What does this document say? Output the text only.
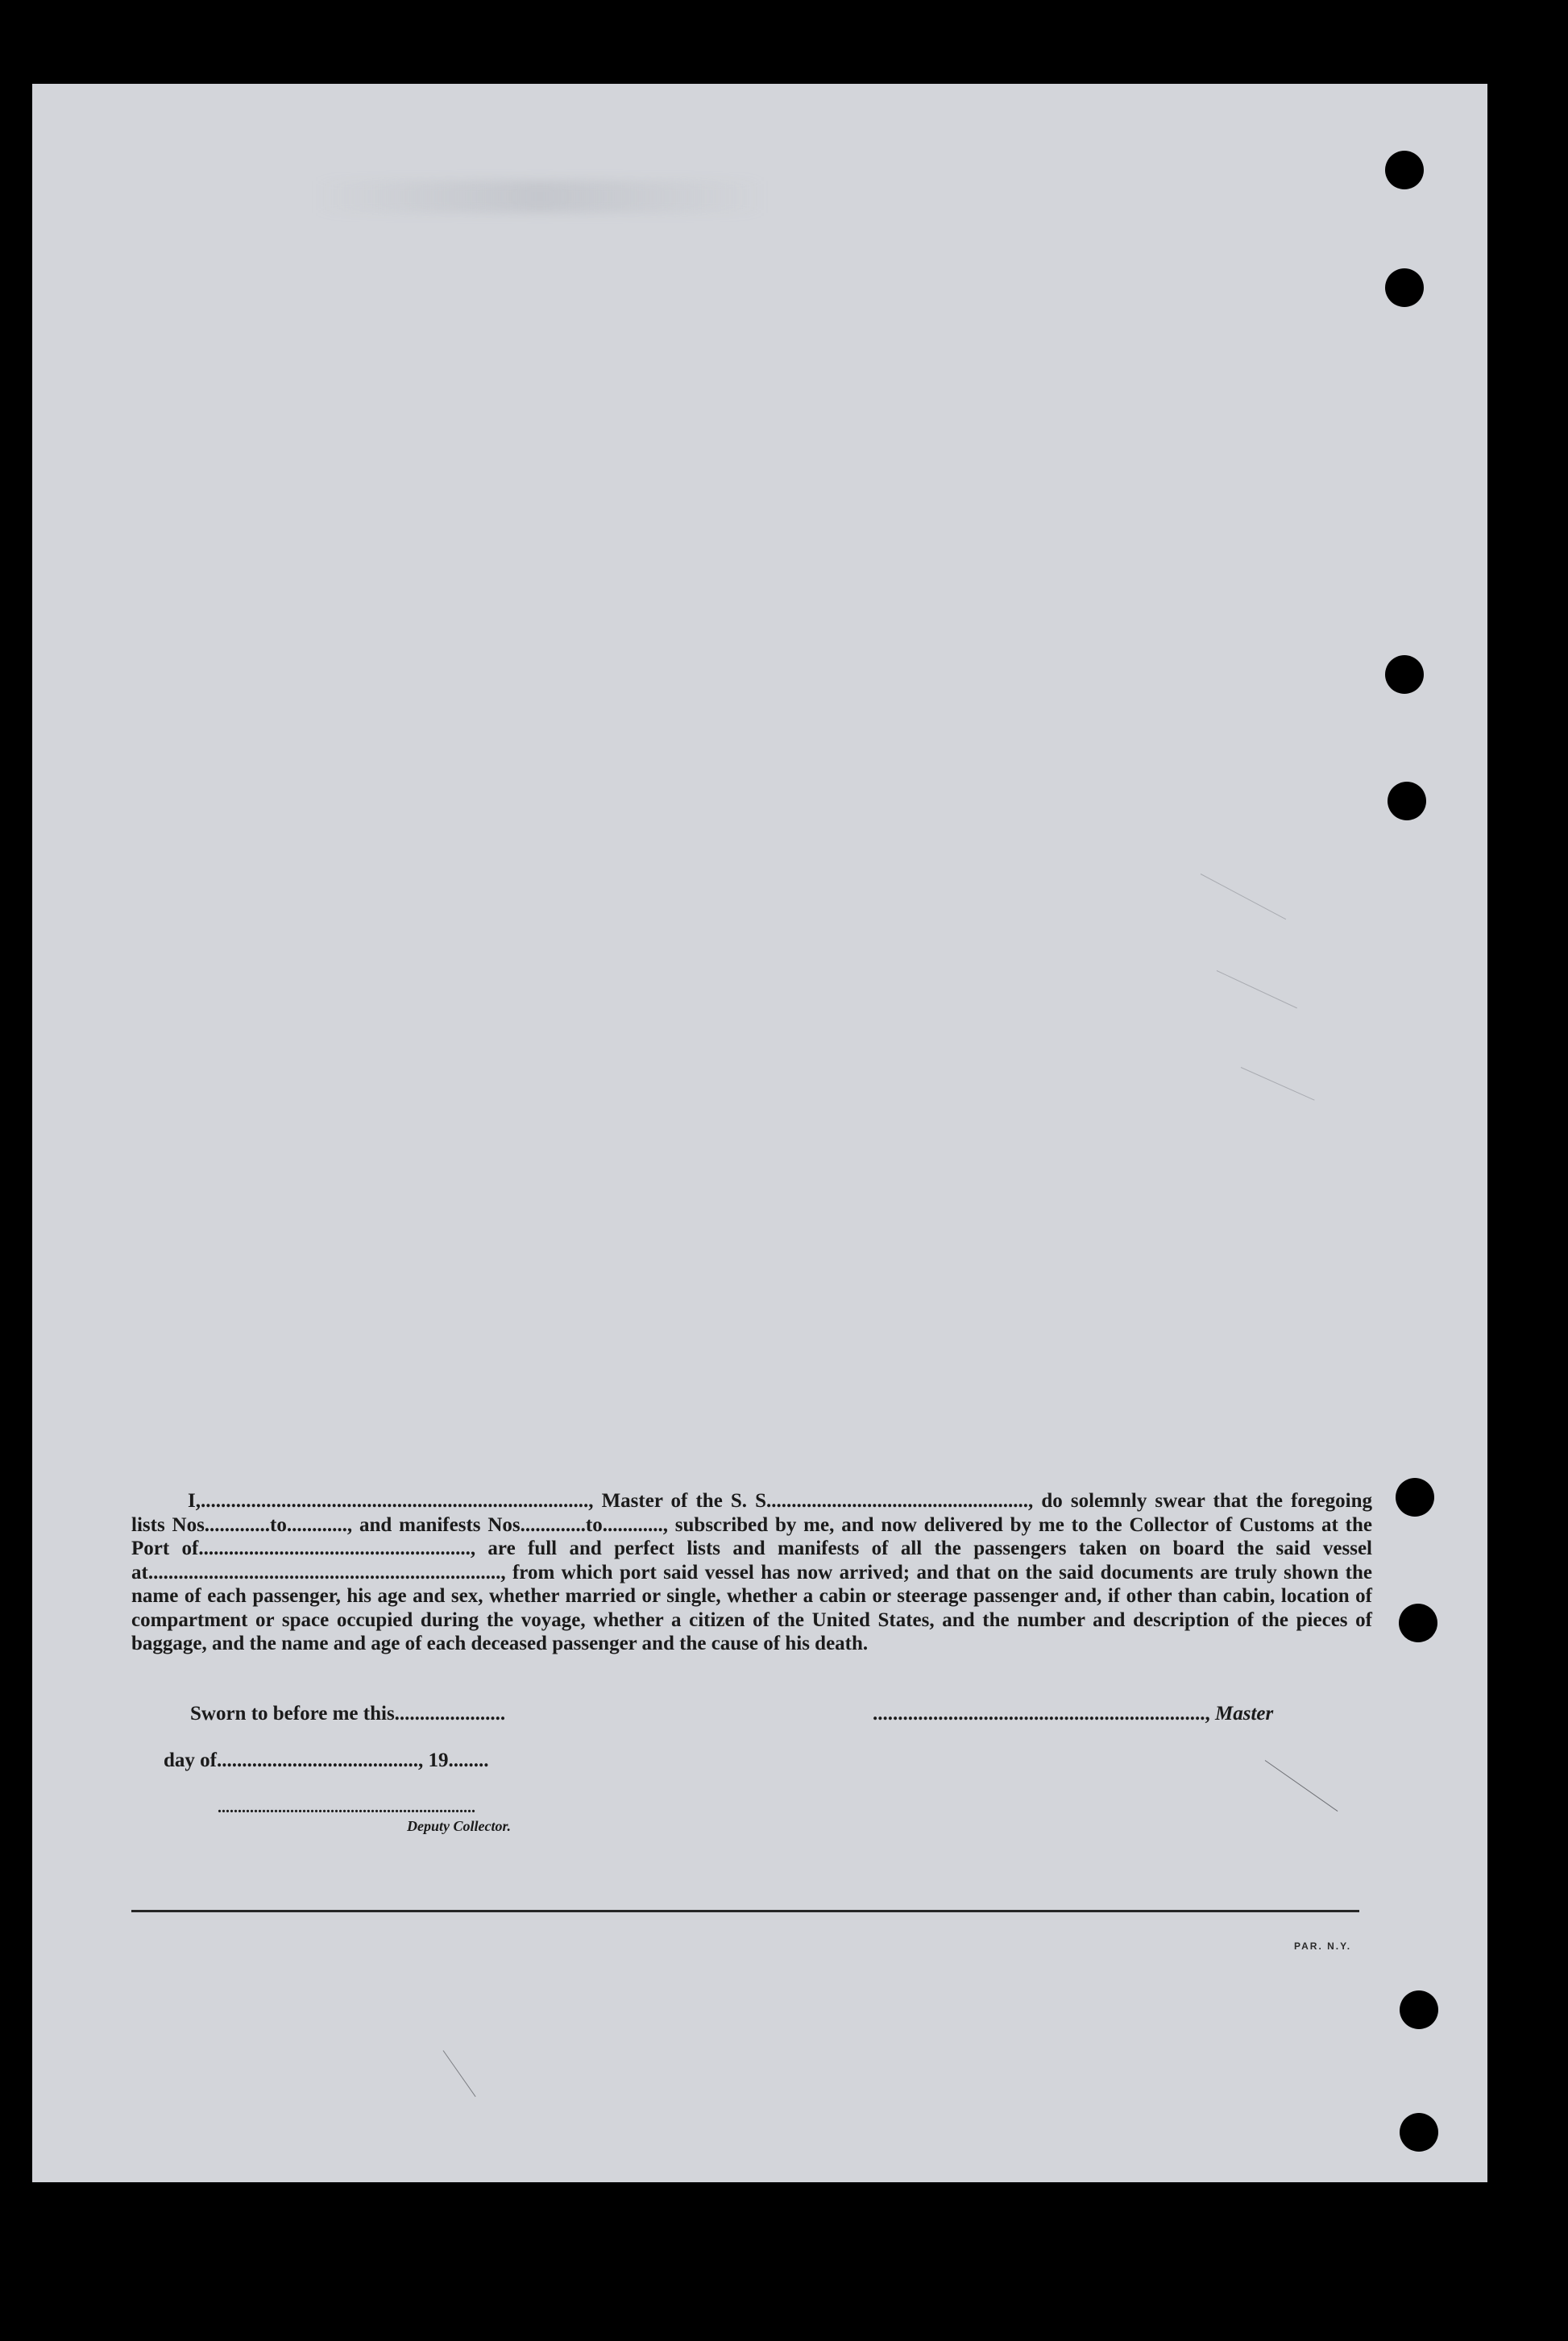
I,............................................................................., Master of the S. S...................................................., do solemnly swear that the foregoing lists Nos.............to............, and manifests Nos.............to............, subscribed by me, and now delivered by me to the Collector of Customs at the Port of......................................................, are full and perfect lists and manifests of all the passengers taken on board the said vessel at......................................................................, from which port said vessel has now arrived; and that on the said documents are truly shown the name of each passenger, his age and sex, whether married or single, whether a cabin or steerage passenger and, if other than cabin, location of compartment or space occupied during the voyage, whether a citizen of the United States, and the number and description of the pieces of baggage, and the name and age of each deceased passenger and the cause of his death.

Sworn to before me this......................	.................................................................., Master
day of........................................, 19........
................................................................
Deputy Collector.
PAR. N.Y.
